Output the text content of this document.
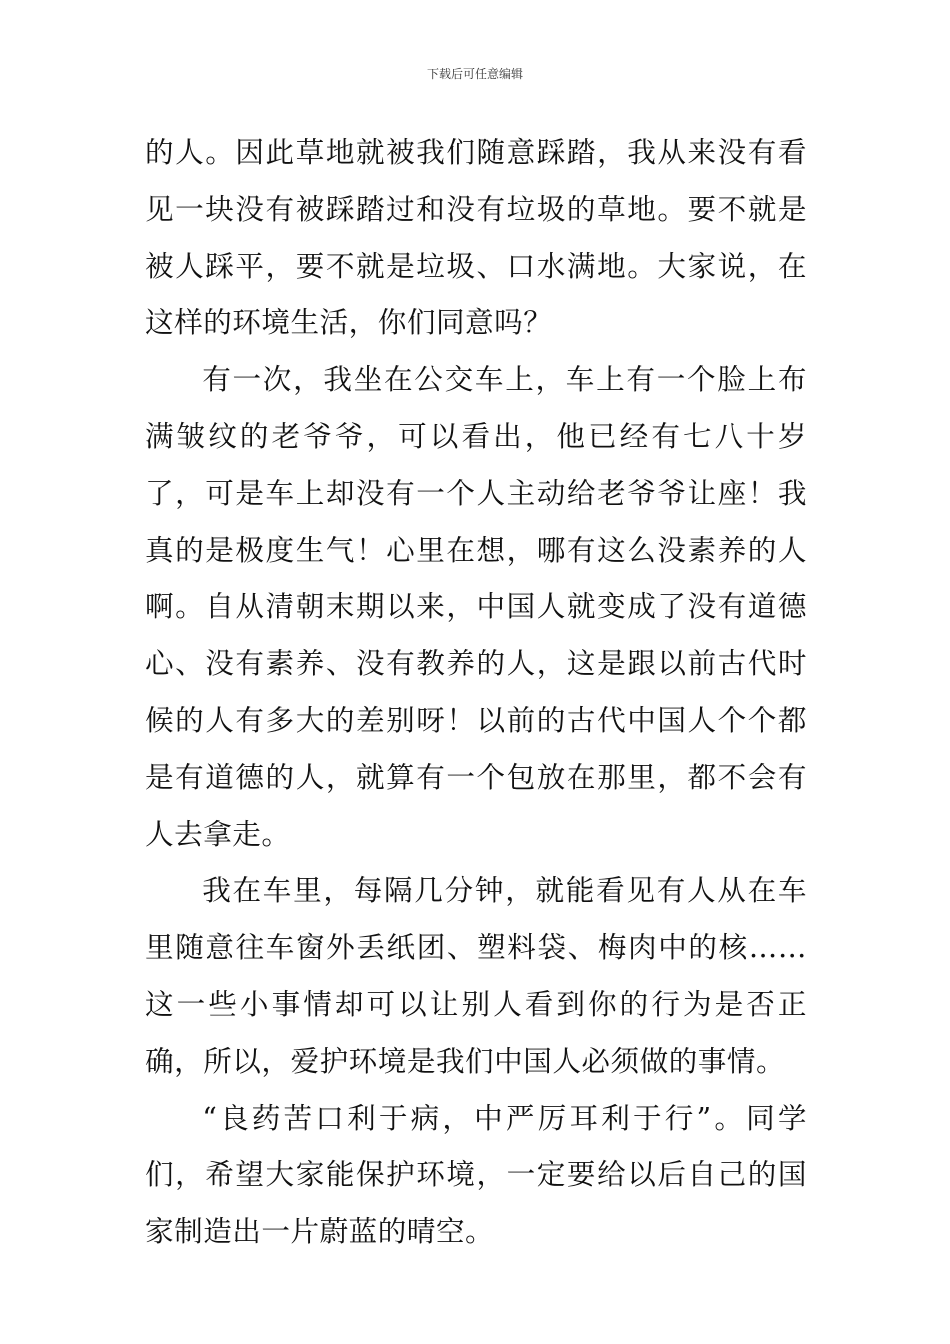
下载后可任意编辑

的人。因此草地就被我们随意踩踏，我从来没有看见一块没有被踩踏过和没有垃圾的草地。要不就是被人踩平，要不就是垃圾、口水满地。大家说，在这样的环境生活，你们同意吗？

有一次，我坐在公交车上，车上有一个脸上布满皱纹的老爷爷，可以看出，他已经有七八十岁了，可是车上却没有一个人主动给老爷爷让座！我真的是极度生气！心里在想，哪有这么没素养的人啊。自从清朝末期以来，中国人就变成了没有道德心、没有素养、没有教养的人，这是跟以前古代时候的人有多大的差别呀！以前的古代中国人个个都是有道德的人，就算有一个包放在那里，都不会有人去拿走。

我在车里，每隔几分钟，就能看见有人从在车里随意往车窗外丢纸团、塑料袋、梅肉中的核……这一些小事情却可以让别人看到你的行为是否正确，所以，爱护环境是我们中国人必须做的事情。

“良药苦口利于病，中严厉耳利于行”。同学们，希望大家能保护环境，一定要给以后自己的国家制造出一片蔚蓝的晴空。
